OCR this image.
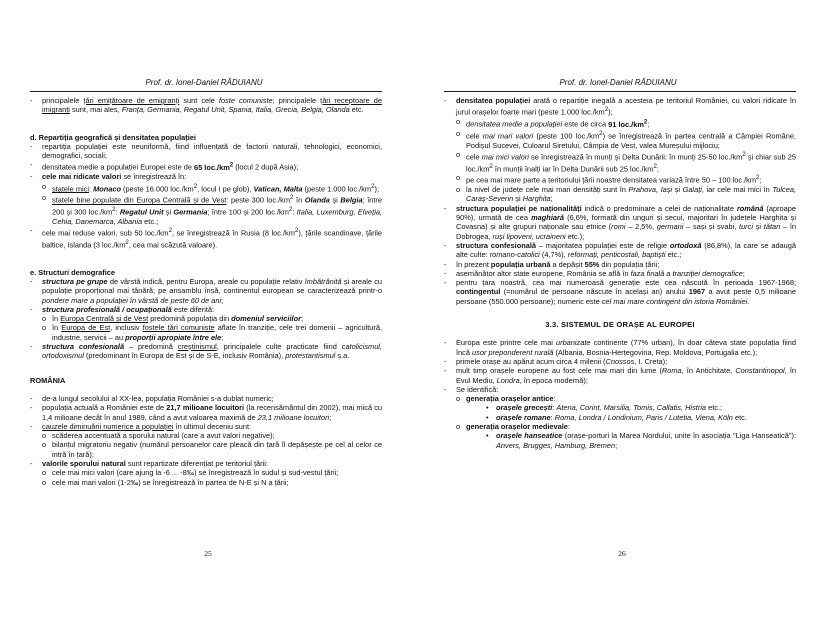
Prof. dr. Ionel-Daniel RĂDUIANU
-	principalele țări emițătoare de emigranți sunt cele foste comuniste; principalele țări receptoare de imigranți sunt, mai ales, Franța, Germania, Regatul Unit, Spania, Italia, Grecia, Belgia, Olanda etc.
d. Repartiția geografică și densitatea populației
-	repartiția populației este neuniformă, fiind influențată de factorii naturali, tehnologici, economici, demografici, sociali;
-	densitatea medie a populației Europei este de 65 $loc./km^2$ (locul 2 după Asia);
-	cele mai ridicate valori se înregistrează în:
o statele mici: Monaco (peste 16.000 $loc./km^2$, locul I pe glob), Vatican, Malta (peste 1.000 $loc./km^2$);
o statele bine populate din Europa Centrală și de Vest: peste 300 $loc./km^2$ în Olanda și Belgia; între 200 și 300 $loc./km^2$: Regatul Unit și Germania; între 100 și 200 $loc./km^2$: Italia, Luxemburg, Elveția, Cehia, Danemarca, Albania etc.;
-	cele mai reduse valori, sub 50 $loc./km^2$, se înregistrează în Rusia (8 $loc./km^2$), țările scandinave, țările baltice, Islanda (3 $loc./km^2$, cea mai scăzută valoare).
e. Structuri demografice
-	structura pe grupe de vârstă indică, pentru Europa, areale cu populație relativ îmbătrânită și areale cu populație proporțional mai tânără; pe ansamblu însă, continentul european se caracterizează printr-o pondere mare a populației în vârstă de peste 60 de ani;
-	structura profesională / ocupațională este diferită:
o în Europa Centrală și de Vest predomină populația din domeniul serviciilor;
o în Europa de Est, inclusiv fostele țări comuniste aflate în tranziție, cele trei domenii – agricultură, industrie, servicii – au proporții apropiate între ele;
-	structura confesională – predomină creștinismul, principalele culte practicate fiind catolicismul, ortodoxismul (predominant în Europa de Est și de S-E, inclusiv România), protestantismul ș.a.
ROMÂNIA
-	de-a lungul secolului al XX-lea, populația României s-a dublat numeric;
-	populația actuală a României este de 21,7 milioane locuitori (la recensământul din 2002), mai mică cu 1,4 milioane decât în anul 1989, când a avut valoarea maximă de 23,1 milioane locuitori;
-	cauzele diminuării numerice a populației în ultimul deceniu sunt:
o scăderea accentuată a sporului natural (care a avut valori negative);
o bilanțul migratoriu negativ (numărul persoanelor care pleacă din țară îl depășește pe cel al celor ce intră în țară);
-	valorile sporului natural sunt repartizate diferențiat pe teritoriul țării:
o cele mai mici valori (care ajung la -6 ... -8‰) se înregistrează în sudul și sud-vestul țării;
o cele mai mari valori (1-2‰) se înregistrează în partea de N-E și N a țării;
25
Prof. dr. Ionel-Daniel RĂDUIANU
-	densitatea populației arată o repartiție inegală a acesteia pe teritoriul României, cu valori ridicate în jurul orașelor foarte mari (peste 1.000 $loc./km^2$);
o densitatea medie a populației este de circa 91 $loc./km^2$;
o cele mai mari valori (peste 100 $loc./km^2$) se înregistrează în partea centrală a Câmpiei Române, Podișul Sucevei, Culoarul Siretului, Câmpia de Vest, valea Mureșului mijlociu;
o cele mai mici valori se înregistrează în munți și Delta Dunării: în munți 25-50 $loc./km^2$ și chiar sub 25 $loc./km^2$ în munții înalți iar în Delta Dunării sub 25 $loc./km^2$;
o pe cea mai mare parte a teritoriului țării noastre densitatea variază între 50 – 100 $loc./km^2$;
o la nivel de județe cele mai mari densități sunt în Prahova, Iași și Galați, iar cele mai mici în Tulcea, Caraș-Severin și Harghita;
-	structura populației pe naționalități indică o predominare a celei de naționalitate română (aproape 90%), urmată de cea maghiară (6,6%, formată din unguri și secui, majoritari în județele Harghita și Covasna) și alte grupuri naționale sau etnice (romi – 2,5%, germani – sași și șvabi, turci și tătari – în Dobrogea, ruși lipoveni, ucraineni etc.);
-	structura confesională – majoritatea populației este de religie ortodoxă (86,8%), la care se adaugă alte culte: romano-catolici (4,7%), reformați, penticostali, baptiști etc.;
-	în prezent populația urbană a depășit 55% din populația țării;
-	asemănător altor state europene, România se află în faza finală a tranziției demografice;
-	pentru țara noastră, cea mai numeroasă generație este cea născută în perioada 1967-1968; contingentul (=numărul de persoane născute în același an) anului 1967 a avut peste 0,5 milioane persoane (550.000 persoane); numeric este cel mai mare contingent din istoria României.
3.3. SISTEMUL DE ORAȘE AL EUROPEI
-	Europa este printre cele mai urbanizate continente (77% urban), în doar câteva state populația fiind încă usor preponderent rurală (Albania, Bosnia-Herțegovina, Rep. Moldova, Portugalia etc.);
-	primele orașe au apărut acum circa 4 milenii (Cnossos, I. Creta);
-	mult timp orașele europene au fost cele mai mari din lume (Roma, în Antichitate, Constantinopol, în Evul Mediu, Londra, în epoca modernă);
-	Se identifică:
o generația orașelor antice:
•	orașele grecești: Atena, Corint, Marsilia, Tomis, Callatis, Histria etc.;
•	orașele romane: Roma, Londra / Londinium, Paris / Lutetia, Viena, Köln etc.
o generația orașelor medievale:
•	orașele hanseatice (orașe-porturi la Marea Nordului, unite în asociația "Liga Hanseatică"): Anvers, Brugges, Hamburg, Bremen;
26
